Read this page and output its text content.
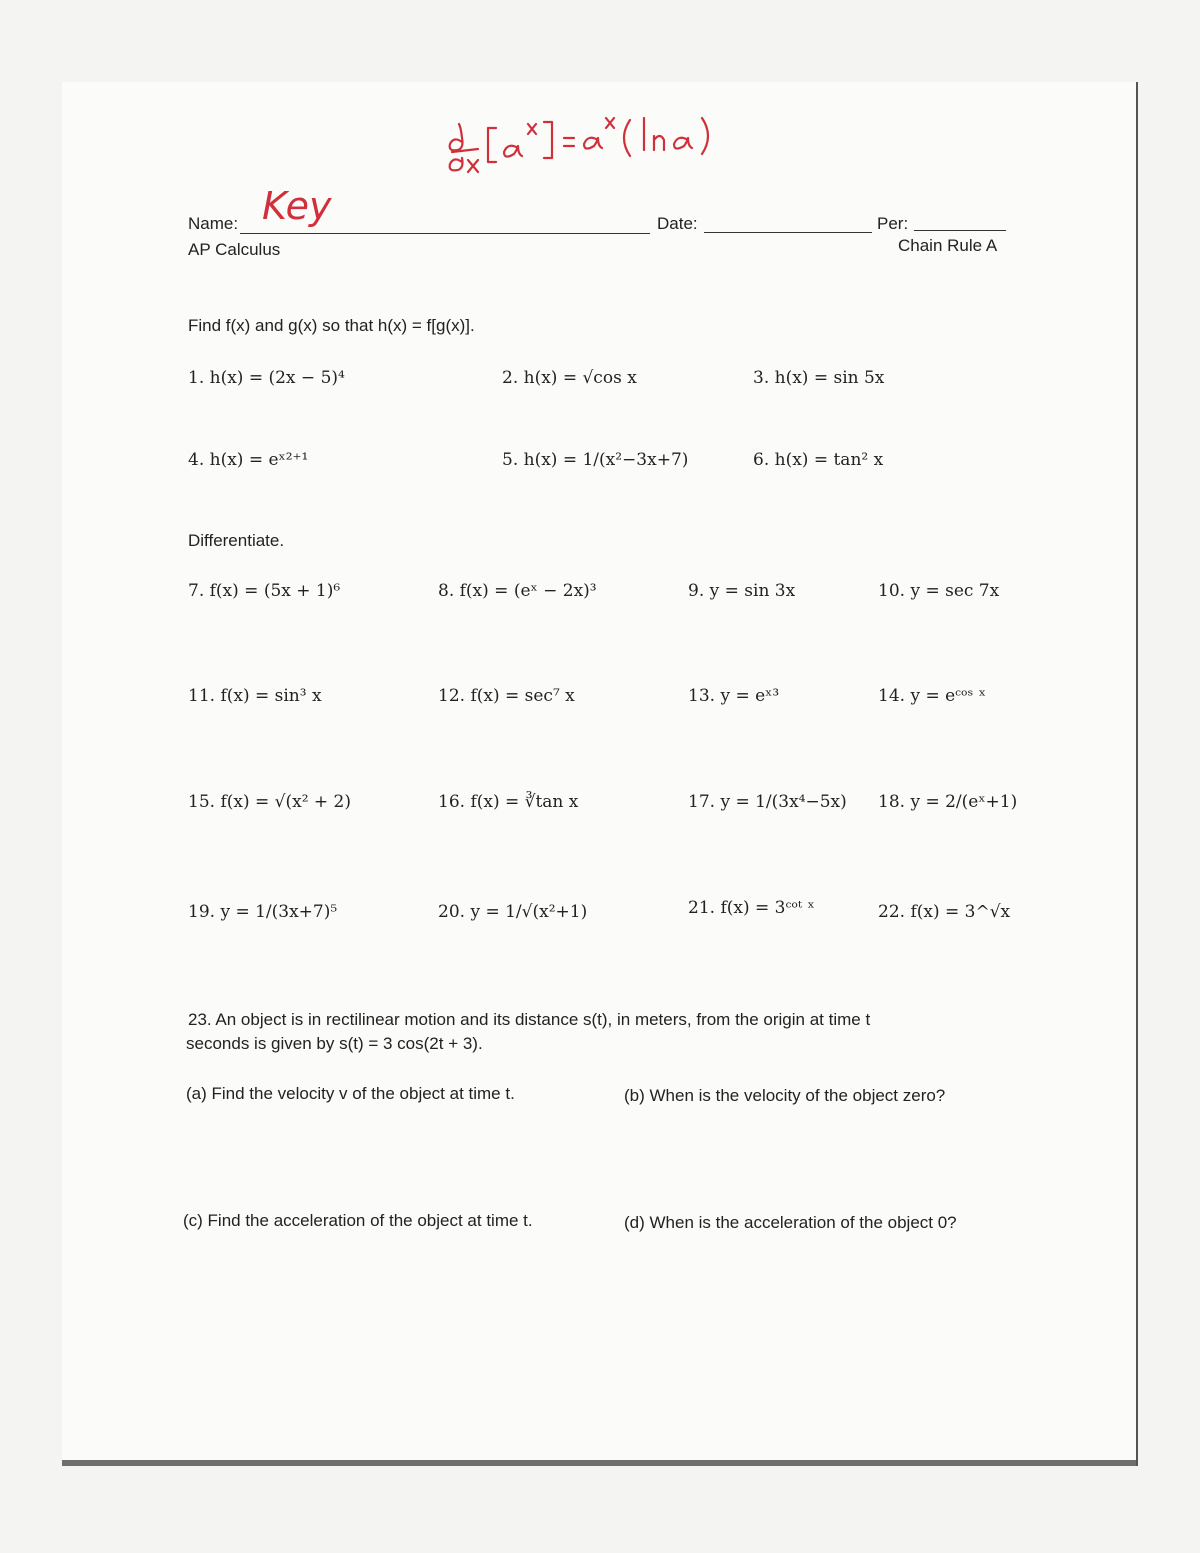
d/dx [aˣ] = aˣ(ln a)
Name: Key	Date:	Per:
AP Calculus	Chain Rule A
Find f(x) and g(x) so that h(x) = f[g(x)].
1. h(x) = (2x − 5)⁴	2. h(x) = √cos x	3. h(x) = sin 5x
4. h(x) = eˣ²⁺¹	5. h(x) = 1/(x²−3x+7)	6. h(x) = tan² x
Differentiate.
7. f(x) = (5x + 1)⁶	8. f(x) = (eˣ − 2x)³	9. y = sin 3x	10. y = sec 7x
11. f(x) = sin³ x	12. f(x) = sec⁷ x	13. y = eˣ³	14. y = eᶜᵒˢ ˣ
15. f(x) = √(x² + 2)	16. f(x) = ∛tan x	17. y = 1/(3x⁴−5x) 18. y = 2/(eˣ+1)
19. y = 1/(3x+7)⁵	20. y = 1/√(x²+1)	21. f(x) = 3ᶜᵒᵗ ˣ	22. f(x) = 3^√x
23. An object is in rectilinear motion and its distance s(t), in meters, from the origin at time t
seconds is given by s(t) = 3 cos(2t + 3).
(a) Find the velocity v of the object at time t.	(b) When is the velocity of the object zero?
(c) Find the acceleration of the object at time t.	(d) When is the acceleration of the object 0?
